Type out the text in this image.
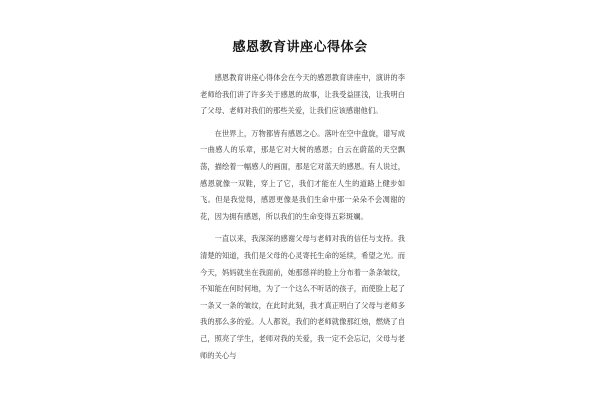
感恩教育讲座心得体会

感恩教育讲座心得体会在今天的感恩教育讲座中，演讲的李老师给我们讲了许多关于感恩的故事，让我受益匪浅，让我明白了父母、老师对我们的那些关爱，让我们应该感谢他们。

在世界上，万物都皆有感恩之心。落叶在空中盘旋，谱写成一曲感人的乐章，那是它对大树的感恩；白云在蔚蓝的天空飘荡，描绘着一幅感人的画面，那是它对蓝天的感恩。有人说过，感恩就像一双鞋，穿上了它，我们才能在人生的道路上健步如飞。但是我觉得，感恩更像是我们生命中那一朵朵不会凋谢的花，因为拥有感恩，所以我们的生命变得五彩斑斓。

一直以来，我深深的感谢父母与老师对我的信任与支持。我清楚的知道，我们是父母的心灵寄托生命的延续，希望之光。而今天，妈妈就坐在我面前，她那慈祥的脸上分布着一条条皱纹，不知能在何时何地，为了一个这么不听话的孩子，而使脸上起了一条又一条的皱纹，在此时此刻，我才真正明白了父母与老师多我的那么多的爱。人人都说，我们的老师就像那红烛，燃烧了自己，照亮了学生，老师对我的关爱，我一定不会忘记，父母与老师的关心与
